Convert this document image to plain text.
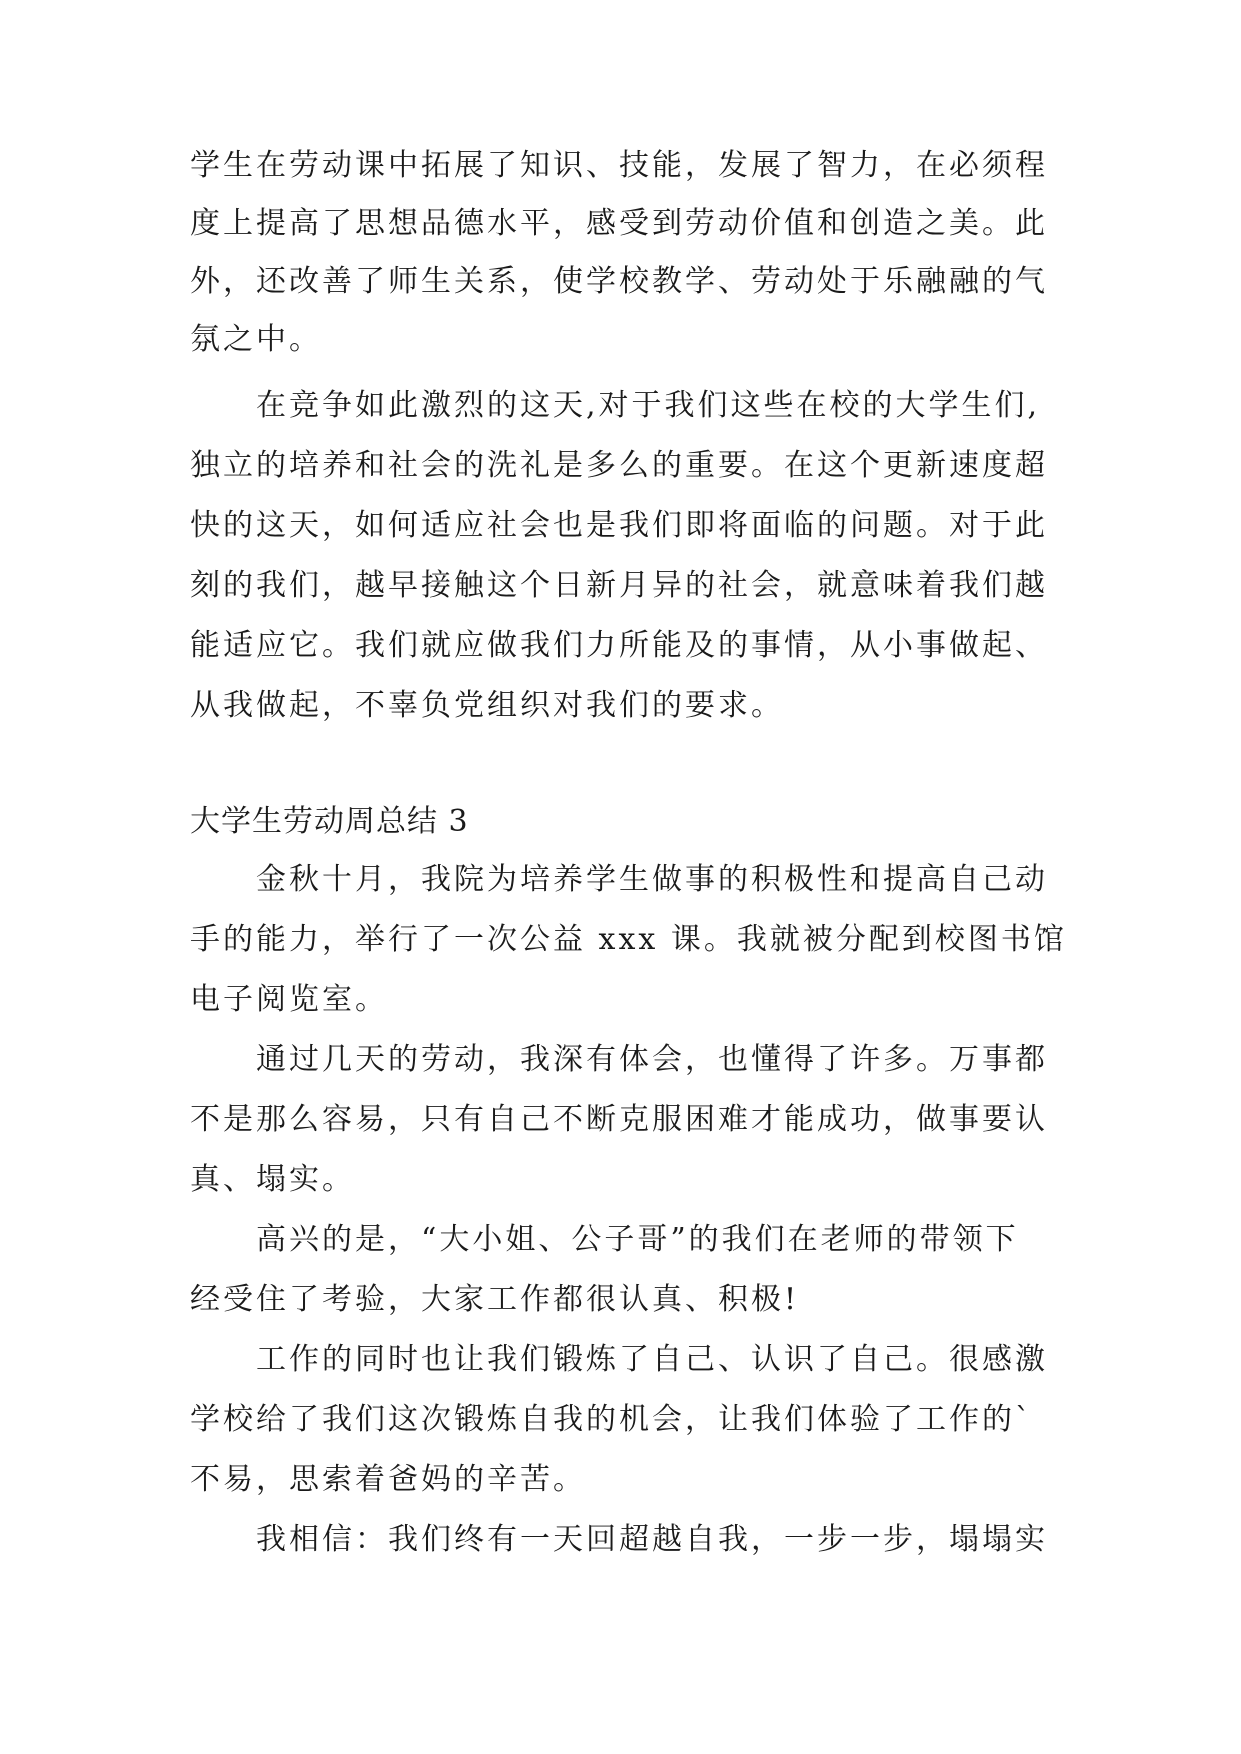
学生在劳动课中拓展了知识、技能，发展了智力，在必须程
度上提高了思想品德水平，感受到劳动价值和创造之美。此
外，还改善了师生关系，使学校教学、劳动处于乐融融的气
氛之中。
在竞争如此激烈的这天,对于我们这些在校的大学生们,
独立的培养和社会的洗礼是多么的重要。在这个更新速度超
快的这天，如何适应社会也是我们即将面临的问题。对于此
刻的我们，越早接触这个日新月异的社会，就意味着我们越
能适应它。我们就应做我们力所能及的事情，从小事做起、
从我做起，不辜负党组织对我们的要求。
大学生劳动周总结 3
金秋十月，我院为培养学生做事的积极性和提高自己动
手的能力，举行了一次公益 xxx 课。我就被分配到校图书馆
电子阅览室。
通过几天的劳动，我深有体会，也懂得了许多。万事都
不是那么容易，只有自己不断克服困难才能成功，做事要认
真、塌实。
高兴的是，“大小姐、公子哥”的我们在老师的带领下
经受住了考验，大家工作都很认真、积极!
工作的同时也让我们锻炼了自己、认识了自己。很感激
学校给了我们这次锻炼自我的机会，让我们体验了工作的`
不易，思索着爸妈的辛苦。
我相信：我们终有一天回超越自我，一步一步，塌塌实
